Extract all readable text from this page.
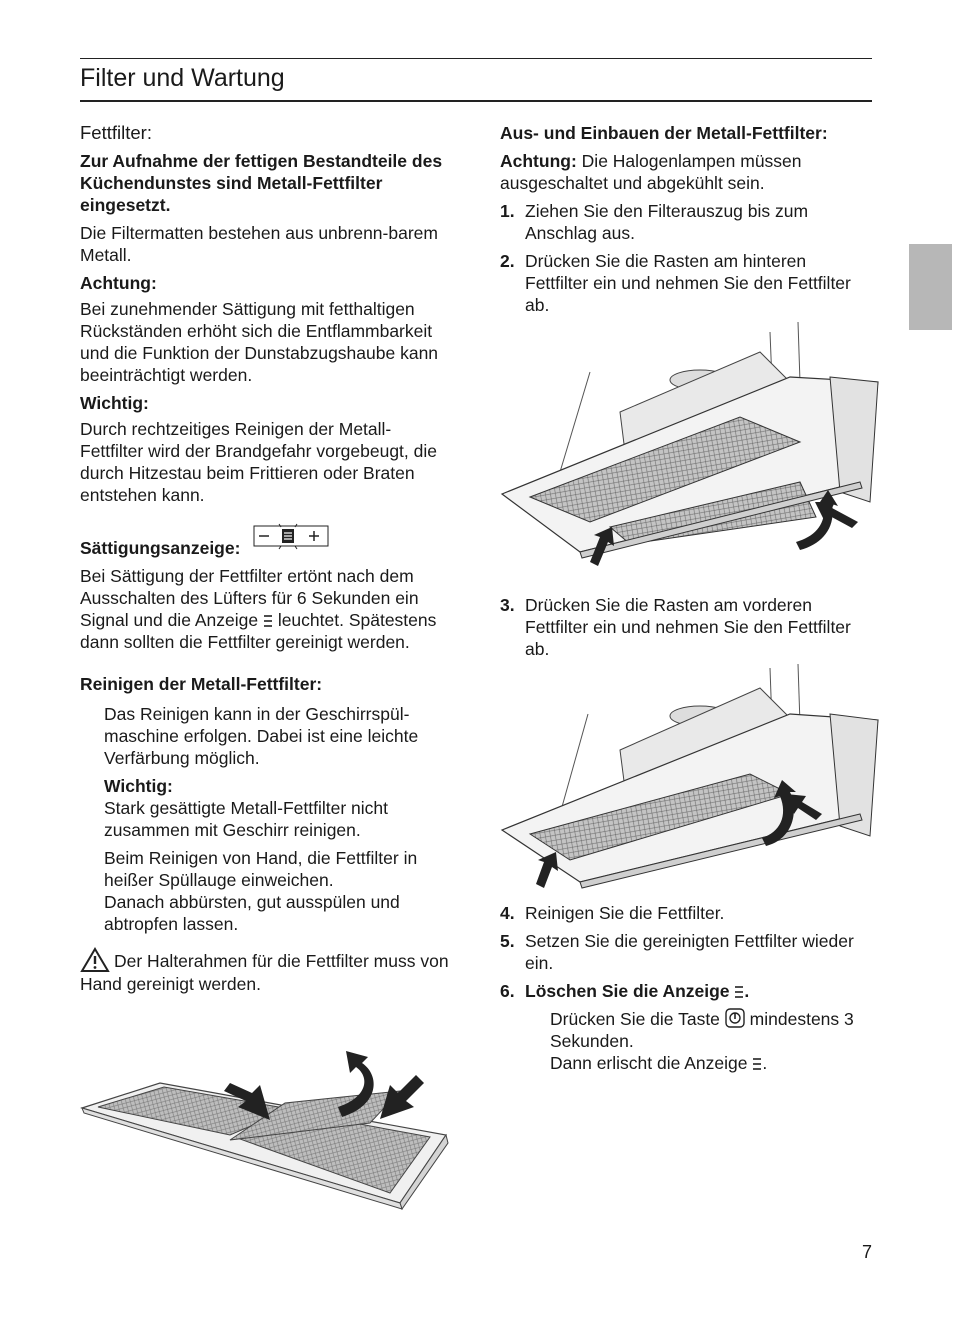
Filter und Wartung
Fettfilter:
Zur Aufnahme der fettigen Bestandteile des Küchendunstes sind Metall-Fettfilter eingesetzt.
Die Filtermatten bestehen aus unbrenn-barem Metall.
Achtung:
Bei zunehmender Sättigung mit fetthaltigen Rückständen erhöht sich die Entflammbarkeit und die Funktion der Dunstabzugshaube kann beeinträchtigt werden.
Wichtig:
Durch rechtzeitiges Reinigen der Metall-Fettfilter wird der Brandgefahr vorgebeugt, die durch Hitzestau beim Frittieren oder Braten entstehen kann.
Sättigungsanzeige:
Bei Sättigung der Fettfilter ertönt nach dem Ausschalten des Lüfters für 6 Sekunden ein Signal und die Anzeige leuchtet. Spätestens dann sollten die Fettfilter gereinigt werden.
Reinigen der Metall-Fettfilter:
Das Reinigen kann in der Geschirrspül-maschine erfolgen. Dabei ist eine leichte Verfärbung möglich.
Wichtig:
Stark gesättigte Metall-Fettfilter nicht zusammen mit Geschirr reinigen.
Beim Reinigen von Hand, die Fettfilter in heißer Spüllauge einweichen.
Danach abbürsten, gut ausspülen und abtropfen lassen.
Der Halterahmen für die Fettfilter muss von Hand gereinigt werden.
Aus- und Einbauen der Metall-Fettfilter:
Achtung: Die Halogenlampen müssen ausgeschaltet und abgekühlt sein.
1. Ziehen Sie den Filterauszug bis zum Anschlag aus.
2. Drücken Sie die Rasten am hinteren Fettfilter ein und nehmen Sie den Fettfilter ab.
3. Drücken Sie die Rasten am vorderen Fettfilter ein und nehmen Sie den Fettfilter ab.
4. Reinigen Sie die Fettfilter.
5. Setzen Sie die gereinigten Fettfilter wieder ein.
6. Löschen Sie die Anzeige .
Drücken Sie die Taste mindestens 3 Sekunden.
Dann erlischt die Anzeige .
7
